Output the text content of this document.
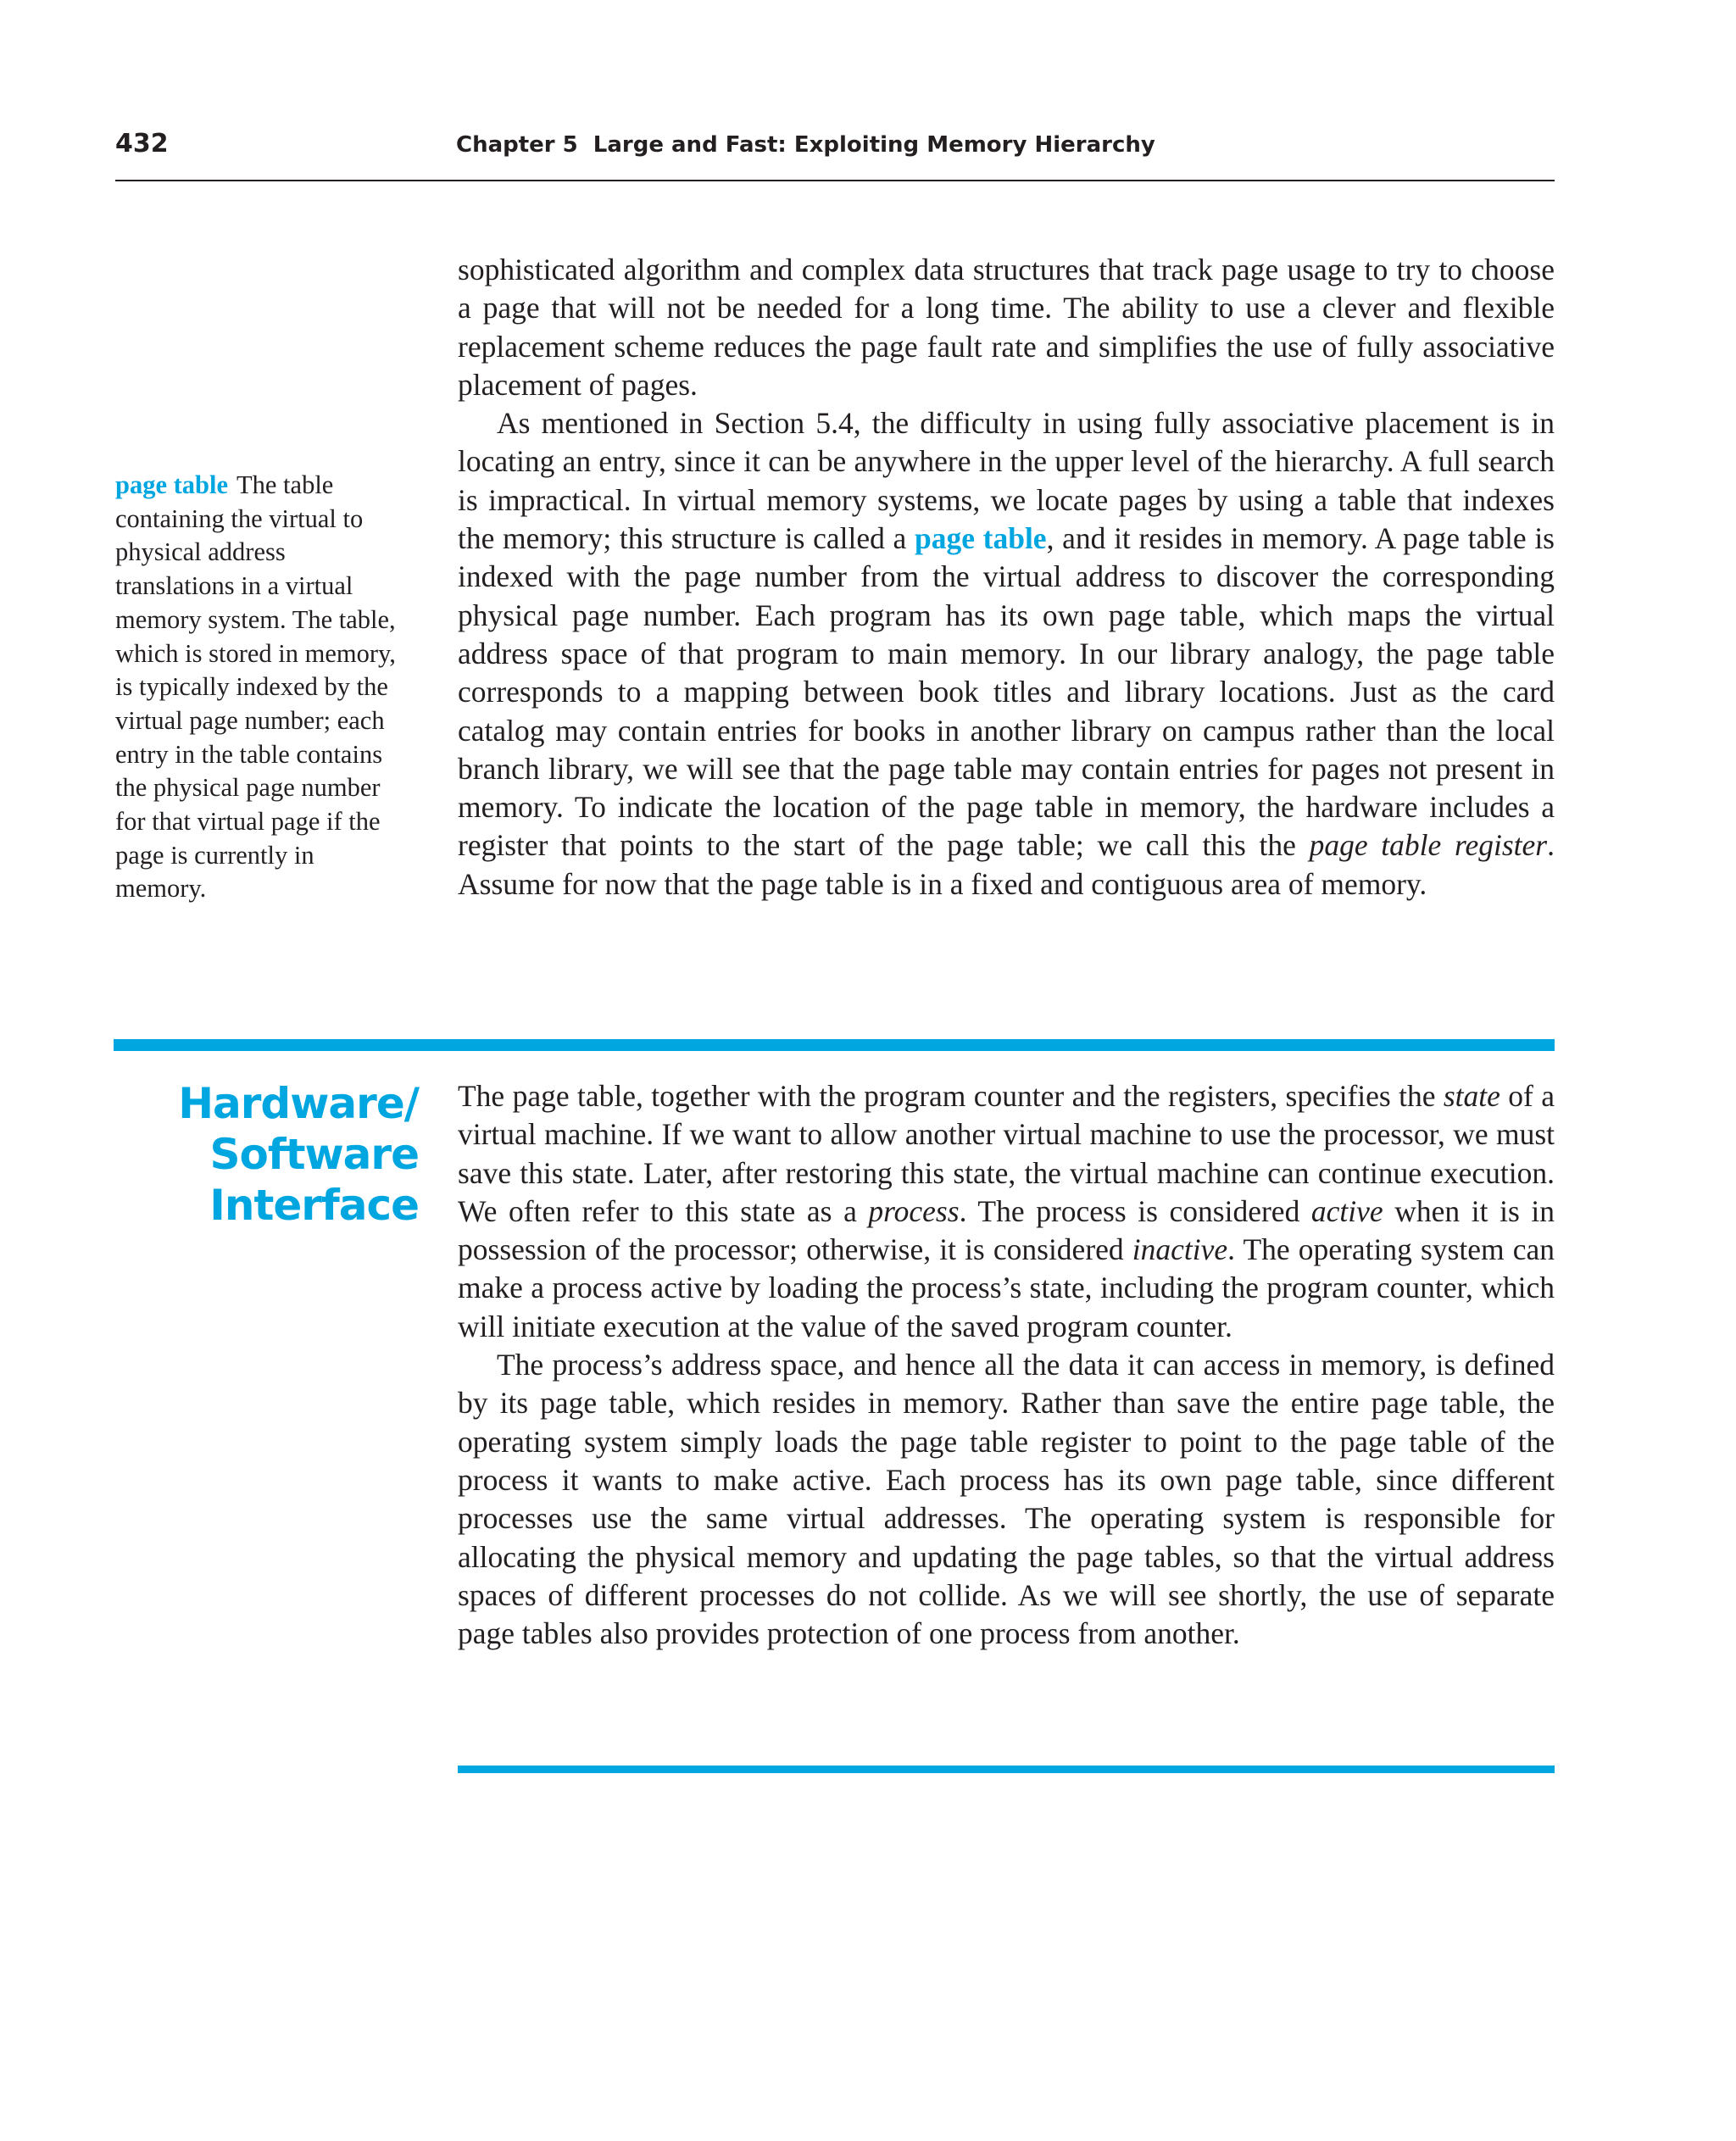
432	Chapter 5 Large and Fast: Exploiting Memory Hierarchy
page table The table containing the virtual to physical address translations in a virtual memory system. The table, which is stored in memory, is typically indexed by the virtual page number; each entry in the table contains the physical page number for that virtual page if the page is currently in memory.

sophisticated algorithm and complex data structures that track page usage to try to choose a page that will not be needed for a long time. The ability to use a clever and flexible replacement scheme reduces the page fault rate and simplifies the use of fully associative placement of pages.

As mentioned in Section 5.4, the difficulty in using fully associative placement is in locating an entry, since it can be anywhere in the upper level of the hierarchy. A full search is impractical. In virtual memory systems, we locate pages by using a table that indexes the memory; this structure is called a page table, and it resides in memory. A page table is indexed with the page number from the virtual address to discover the corresponding physical page number. Each program has its own page table, which maps the virtual address space of that program to main memory. In our library analogy, the page table corresponds to a mapping between book titles and library locations. Just as the card catalog may contain entries for books in another library on campus rather than the local branch library, we will see that the page table may contain entries for pages not present in memory. To indicate the location of the page table in memory, the hardware includes a register that points to the start of the page table; we call this the page table register. Assume for now that the page table is in a fixed and contiguous area of memory.

Hardware/
Software
Interface

The page table, together with the program counter and the registers, specifies the state of a virtual machine. If we want to allow another virtual machine to use the processor, we must save this state. Later, after restoring this state, the virtual machine can continue execution. We often refer to this state as a process. The process is considered active when it is in possession of the processor; otherwise, it is considered inactive. The operating system can make a process active by loading the process’s state, including the program counter, which will initiate execution at the value of the saved program counter.

The process’s address space, and hence all the data it can access in memory, is defined by its page table, which resides in memory. Rather than save the entire page table, the operating system simply loads the page table register to point to the page table of the process it wants to make active. Each process has its own page table, since different processes use the same virtual addresses. The operating system is responsible for allocating the physical memory and updating the page tables, so that the virtual address spaces of different processes do not collide. As we will see shortly, the use of separate page tables also provides protection of one process from another.
